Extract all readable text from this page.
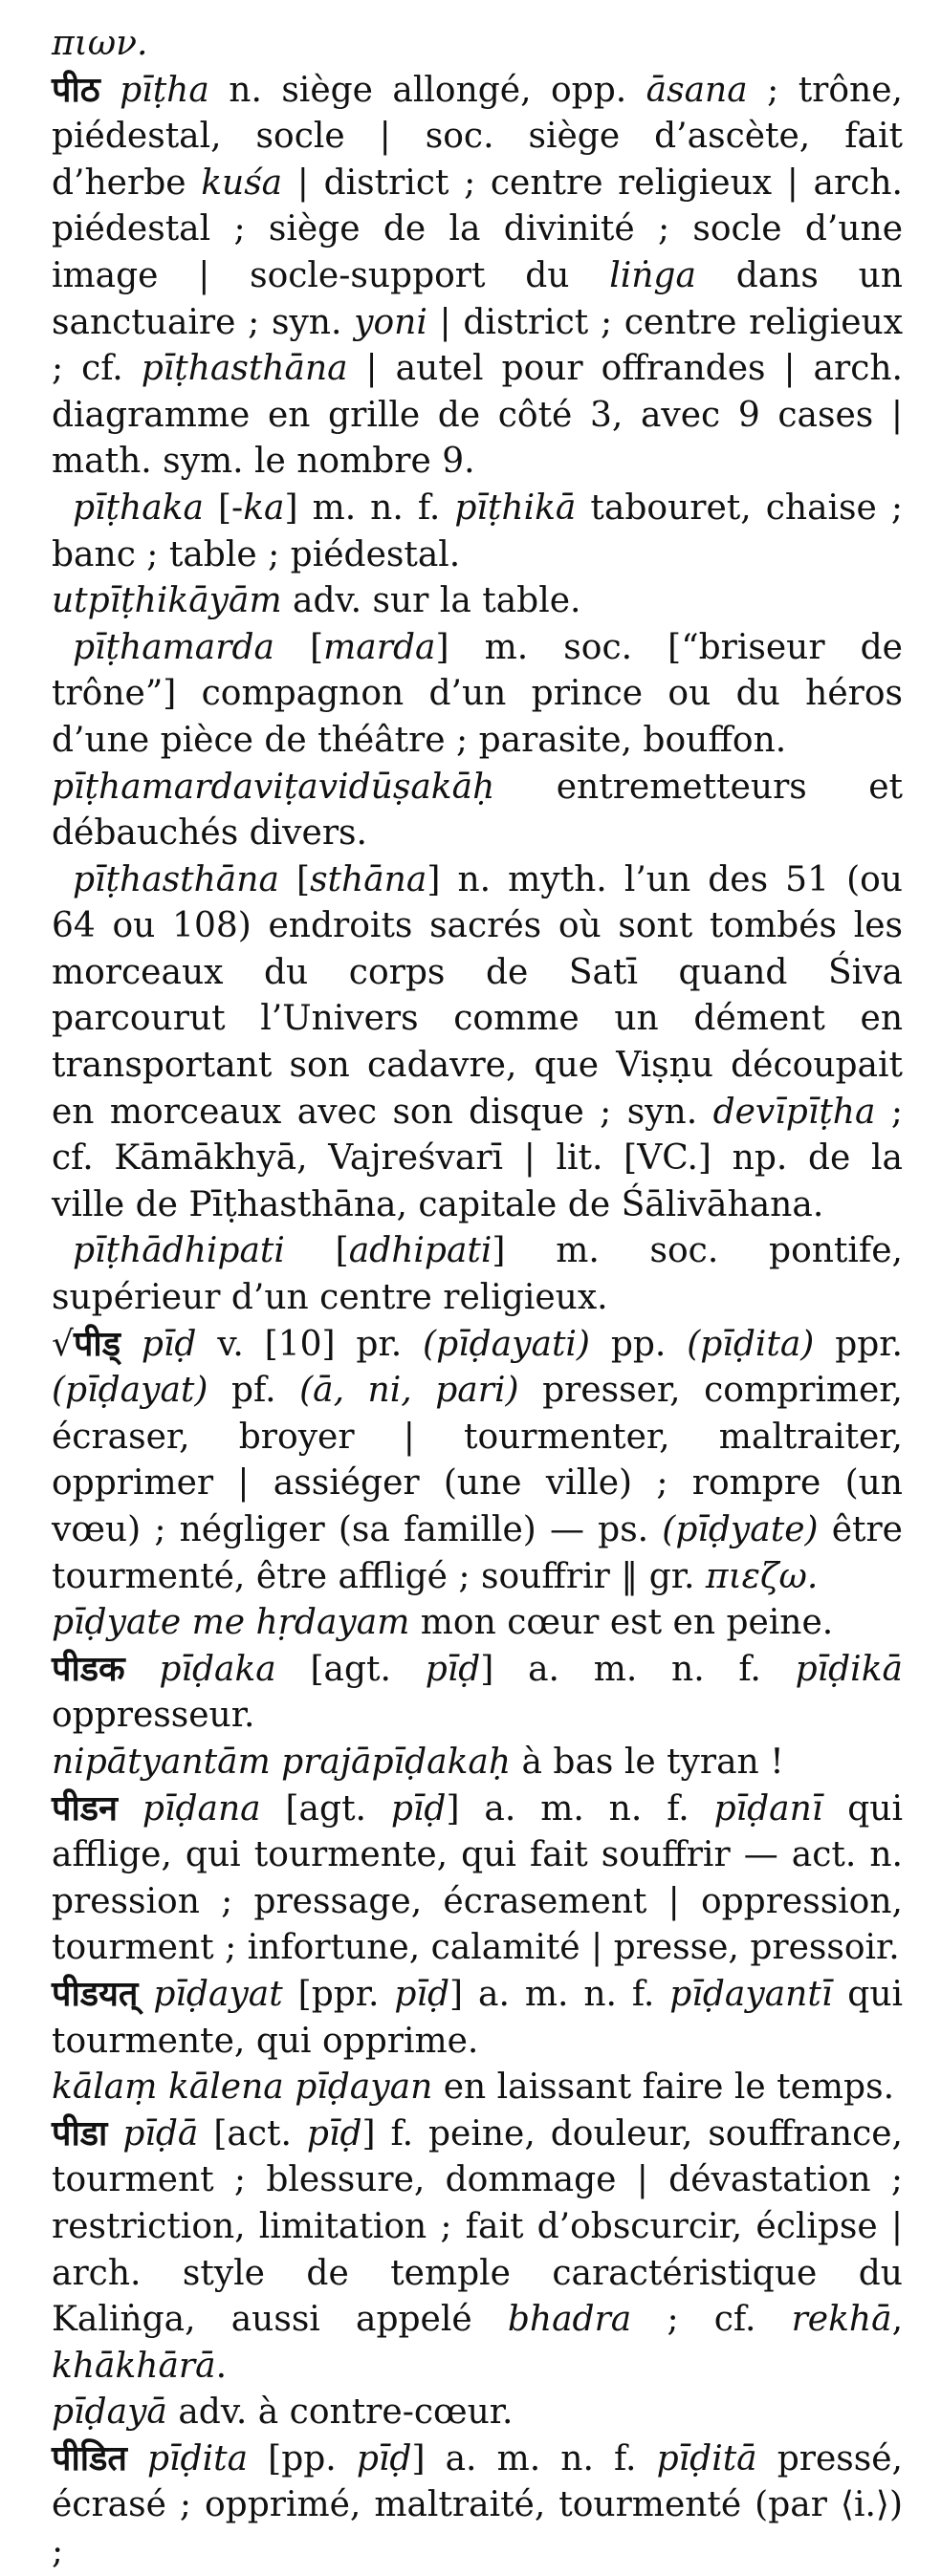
πιων.

पीठ pīṭha n. siège allongé, opp. āsana ; trône, piédestal, socle | soc. siège d’ascète, fait d’herbe kuśa | district ; centre religieux | arch. piédestal ; siège de la divinité ; socle d’une image | socle-support du liṅga dans un sanctuaire ; syn. yoni | district ; centre religieux ; cf. pīṭhasthāna | autel pour offrandes | arch. diagramme en grille de côté 3, avec 9 cases | math. sym. le nombre 9.

pīṭhaka [-ka] m. n. f. pīṭhikā tabouret, chaise ; banc ; table ; piédestal.

utpīṭhikāyām adv. sur la table.

pīṭhamarda [marda] m. soc. [“briseur de trône”] compagnon d’un prince ou du héros d’une pièce de théâtre ; parasite, bouffon.

pīṭhamardaviṭavidūṣakāḥ entremetteurs et débauchés divers.

pīṭhasthāna [sthāna] n. myth. l’un des 51 (ou 64 ou 108) endroits sacrés où sont tombés les morceaux du corps de Satī quand Śiva parcourut l’Univers comme un dément en transportant son cadavre, que Viṣṇu découpait en morceaux avec son disque ; syn. devīpīṭha ; cf. Kāmākhyā, Vajreśvarī | lit. [VC.] np. de la ville de Pīṭhasthāna, capitale de Śālivāhana.

pīṭhādhipati [adhipati] m. soc. pontife, supérieur d’un centre religieux.

√पीड् pīḍ v. [10] pr. (pīḍayati) pp. (pīḍita) ppr. (pīḍayat) pf. (ā, ni, pari) presser, comprimer, écraser, broyer | tourmenter, maltraiter, opprimer | assiéger (une ville) ; rompre (un vœu) ; négliger (sa famille) — ps. (pīḍyate) être tourmenté, être affligé ; souffrir ‖ gr. πιεζω.

pīḍyate me hṛdayam mon cœur est en peine.

पीडक pīḍaka [agt. pīḍ] a. m. n. f. pīḍikā oppresseur.

nipātyantām prajāpīḍakaḥ à bas le tyran !

पीडन pīḍana [agt. pīḍ] a. m. n. f. pīḍanī qui afflige, qui tourmente, qui fait souffrir — act. n. pression ; pressage, écrasement | oppression, tourment ; infortune, calamité | presse, pressoir.

पीडयत् pīḍayat [ppr. pīḍ] a. m. n. f. pīḍayantī qui tourmente, qui opprime.

kālaṃ kālena pīḍayan en laissant faire le temps.

पीडा pīḍā [act. pīḍ] f. peine, douleur, souffrance, tourment ; blessure, dommage | dévastation ; restriction, limitation ; fait d’obscurcir, éclipse | arch. style de temple caractéristique du Kaliṅga, aussi appelé bhadra ; cf. rekhā, khākhārā.

pīḍayā adv. à contre-cœur.

पीडित pīḍita [pp. pīḍ] a. m. n. f. pīḍitā pressé, écrasé ; opprimé, maltraité, tourmenté (par ⟨i.⟩) ;
